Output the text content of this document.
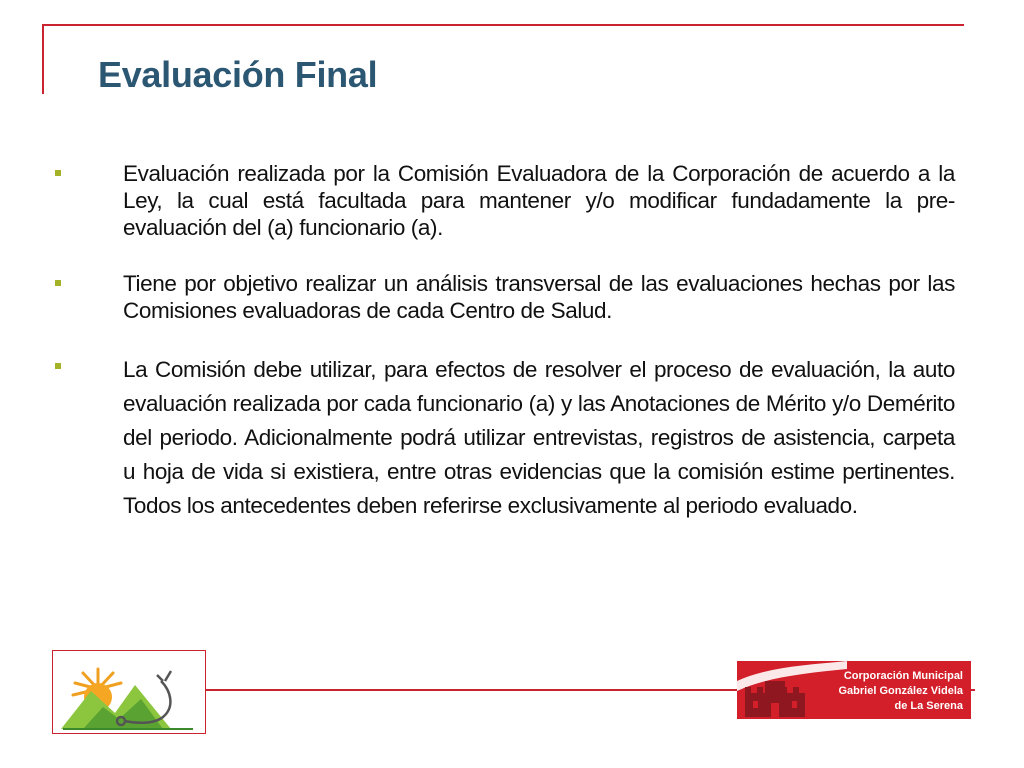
Evaluación Final

Evaluación realizada por la Comisión Evaluadora de la Corporación de acuerdo a la Ley, la cual está facultada para mantener y/o modificar fundadamente la pre-evaluación del (a) funcionario (a).

Tiene por objetivo realizar un análisis transversal de las evaluaciones hechas por las Comisiones evaluadoras de cada Centro de Salud.

La Comisión debe utilizar, para efectos de resolver el proceso de evaluación, la auto evaluación realizada por cada funcionario (a) y las Anotaciones de Mérito y/o Demérito del periodo. Adicionalmente podrá utilizar entrevistas, registros de asistencia, carpeta u hoja de vida si existiera, entre otras evidencias que la comisión estime pertinentes. Todos los antecedentes deben referirse exclusivamente al periodo evaluado.

Corporación Municipal
Gabriel González Videla
de La Serena
